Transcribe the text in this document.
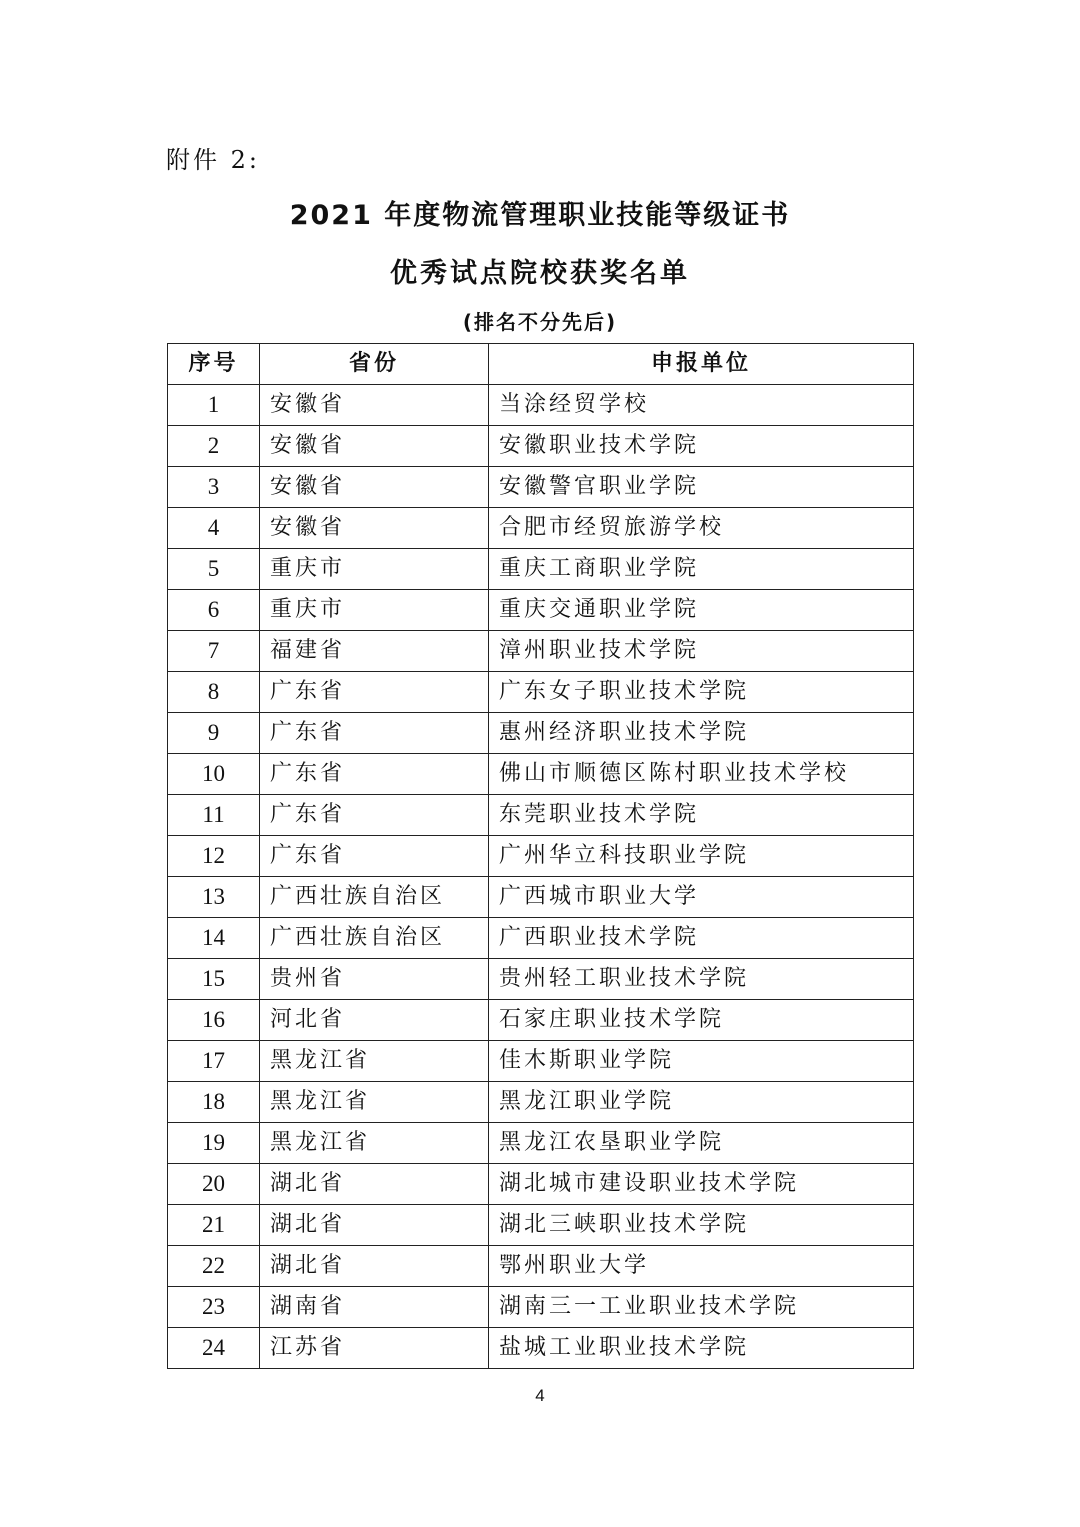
附件 2:
2021 年度物流管理职业技能等级证书
优秀试点院校获奖名单
(排名不分先后)
序号	省份	申报单位
1	安徽省	当涂经贸学校
2	安徽省	安徽职业技术学院
3	安徽省	安徽警官职业学院
4	安徽省	合肥市经贸旅游学校
5	重庆市	重庆工商职业学院
6	重庆市	重庆交通职业学院
7	福建省	漳州职业技术学院
8	广东省	广东女子职业技术学院
9	广东省	惠州经济职业技术学院
10	广东省	佛山市顺德区陈村职业技术学校
11	广东省	东莞职业技术学院
12	广东省	广州华立科技职业学院
13	广西壮族自治区	广西城市职业大学
14	广西壮族自治区	广西职业技术学院
15	贵州省	贵州轻工职业技术学院
16	河北省	石家庄职业技术学院
17	黑龙江省	佳木斯职业学院
18	黑龙江省	黑龙江职业学院
19	黑龙江省	黑龙江农垦职业学院
20	湖北省	湖北城市建设职业技术学院
21	湖北省	湖北三峡职业技术学院
22	湖北省	鄂州职业大学
23	湖南省	湖南三一工业职业技术学院
24	江苏省	盐城工业职业技术学院
4
